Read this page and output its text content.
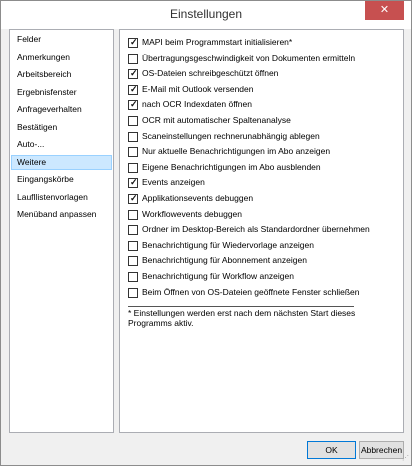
Einstellungen	✕
Felder
Anmerkungen
Arbeitsbereich
Ergebnisfenster
Anfrageverhalten
Bestätigen
Auto-...
Weitere
Eingangskörbe
Laufllistenvorlagen
Menüband anpassen
* Einstellungen werden erst nach dem nächsten Start dieses Programms aktiv.
✓ MAPI beim Programmstart initialisieren*
Übertragungsgeschwindigkeit von Dokumenten ermitteln
✓ OS-Dateien schreibgeschützt öffnen
✓ E-Mail mit Outlook versenden
✓ nach OCR Indexdaten öffnen
OCR mit automatischer Spaltenanalyse
Scaneinstellungen rechnerunabhängig ablegen
Nur aktuelle Benachrichtigungen im Abo anzeigen
Eigene Benachrichtigungen im Abo ausblenden
✓ Events anzeigen
✓ Applikationsevents debuggen
Workflowevents debuggen
Ordner im Desktop-Bereich als Standardordner übernehmen
Benachrichtigung für Wiedervorlage anzeigen
Benachrichtigung für Abonnement anzeigen
Benachrichtigung für Workflow anzeigen
Beim Öffnen von OS-Dateien geöffnete Fenster schließen
OK	Abbrechen
⋰
